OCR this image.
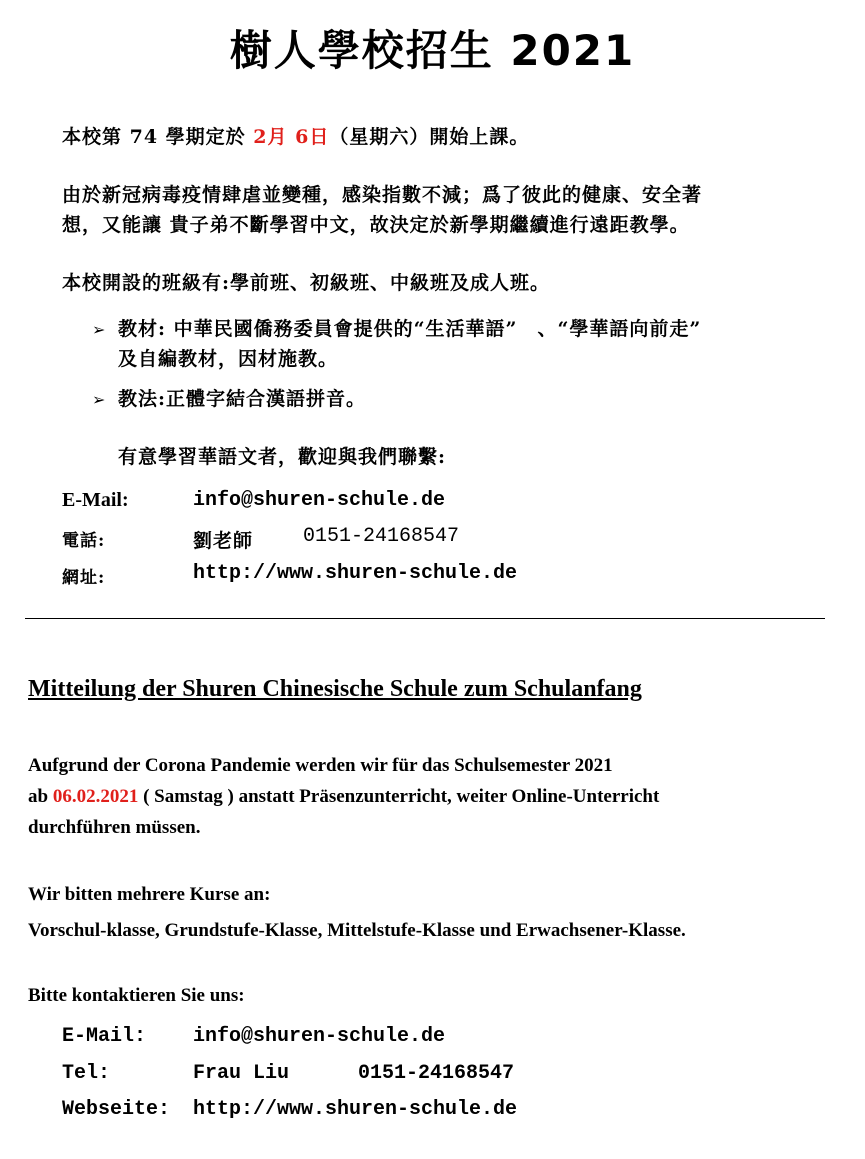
樹人學校招生 2021
本校第 74 學期定於 2月 6日（星期六）開始上課。
由於新冠病毒疫情肆虐並變種，感染指數不減；爲了彼此的健康、安全著
想，又能讓 貴子弟不斷學習中文，故決定於新學期繼續進行遠距教學。
本校開設的班級有:學前班、初級班、中級班及成人班。
➢ 教材: 中華民國僑務委員會提供的“生活華語”　、“學華語向前走”
及自編教材，因材施教。
➢ 教法:正體字結合漢語拼音。
有意學習華語文者，歡迎與我們聯繫:
E-Mail:	info@shuren-schule.de
電話:	劉老師 0151-24168547
網址:	http://www.shuren-schule.de
Mitteilung der Shuren Chinesische Schule zum Schulanfang
Aufgrund der Corona Pandemie werden wir für das Schulsemester 2021
ab 06.02.2021 ( Samstag ) anstatt Präsenzunterricht, weiter Online-Unterricht
durchführen müssen.
Wir bitten mehrere Kurse an:
Vorschul-klasse, Grundstufe-Klasse, Mittelstufe-Klasse und Erwachsener-Klasse.
Bitte kontaktieren Sie uns:
E-Mail: info@shuren-schule.de
Tel:	Frau Liu	0151-24168547
Webseite: http://www.shuren-schule.de
